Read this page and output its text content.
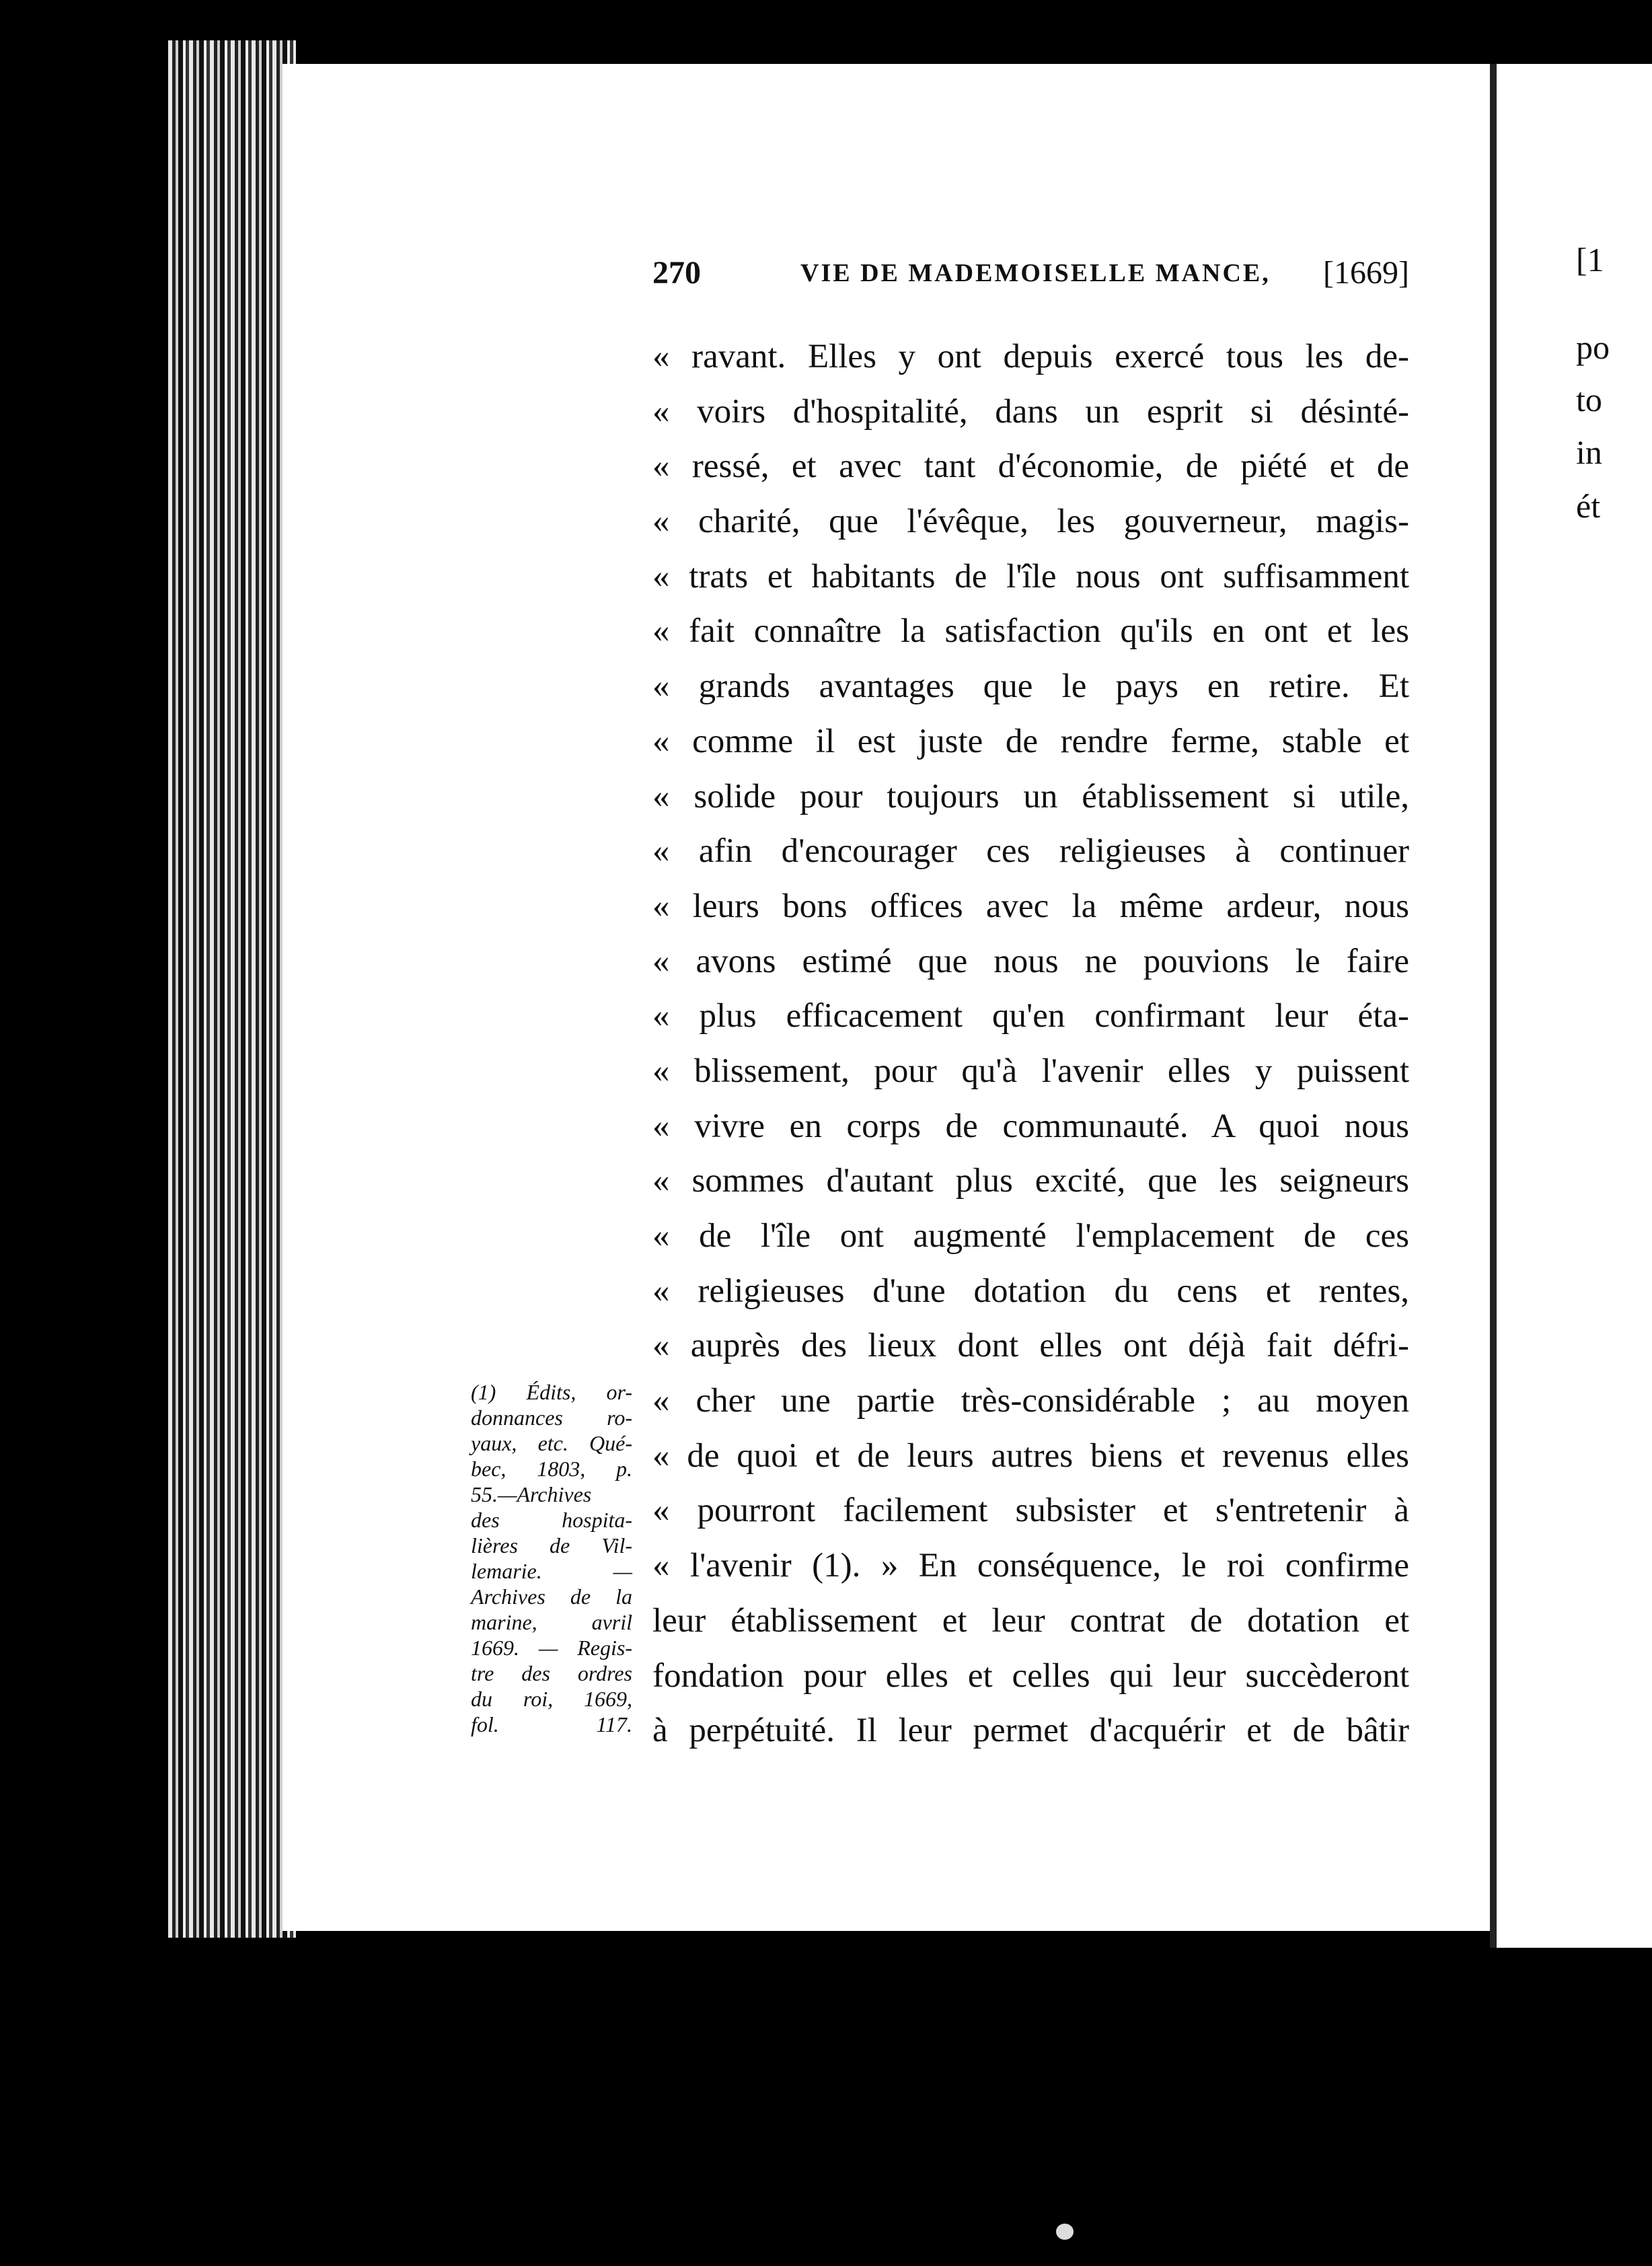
[1
po
to
in
ét
270	VIE DE MADEMOISELLE MANCE, [1669]
« ravant. Elles y ont depuis exercé tous les de-
« voirs d'hospitalité, dans un esprit si désinté-
« ressé, et avec tant d'économie, de piété et de
« charité, que l'évêque, les gouverneur, magis-
« trats et habitants de l'île nous ont suffisamment
« fait connaître la satisfaction qu'ils en ont et les
« grands avantages que le pays en retire. Et
« comme il est juste de rendre ferme, stable et
« solide pour toujours un établissement si utile,
« afin d'encourager ces religieuses à continuer
« leurs bons offices avec la même ardeur, nous
« avons estimé que nous ne pouvions le faire
« plus efficacement qu'en confirmant leur éta-
« blissement, pour qu'à l'avenir elles y puissent
« vivre en corps de communauté. A quoi nous
« sommes d'autant plus excité, que les seigneurs
« de l'île ont augmenté l'emplacement de ces
« religieuses d'une dotation du cens et rentes,
« auprès des lieux dont elles ont déjà fait défri-
« cher une partie très-considérable ; au moyen
« de quoi et de leurs autres biens et revenus elles
« pourront facilement subsister et s'entretenir à
« l'avenir (1). » En conséquence, le roi confirme
leur établissement et leur contrat de dotation et
fondation pour elles et celles qui leur succèderont
à perpétuité. Il leur permet d'acquérir et de bâtir
(1) Édits, or-
donnances ro-
yaux, etc. Qué-
bec, 1803, p.
55.—Archives
des hospita-
lières de Vil-
lemarie. —
Archives de la
marine, avril
1669. — Regis-
tre des ordres
du roi, 1669,
fol. 117.
